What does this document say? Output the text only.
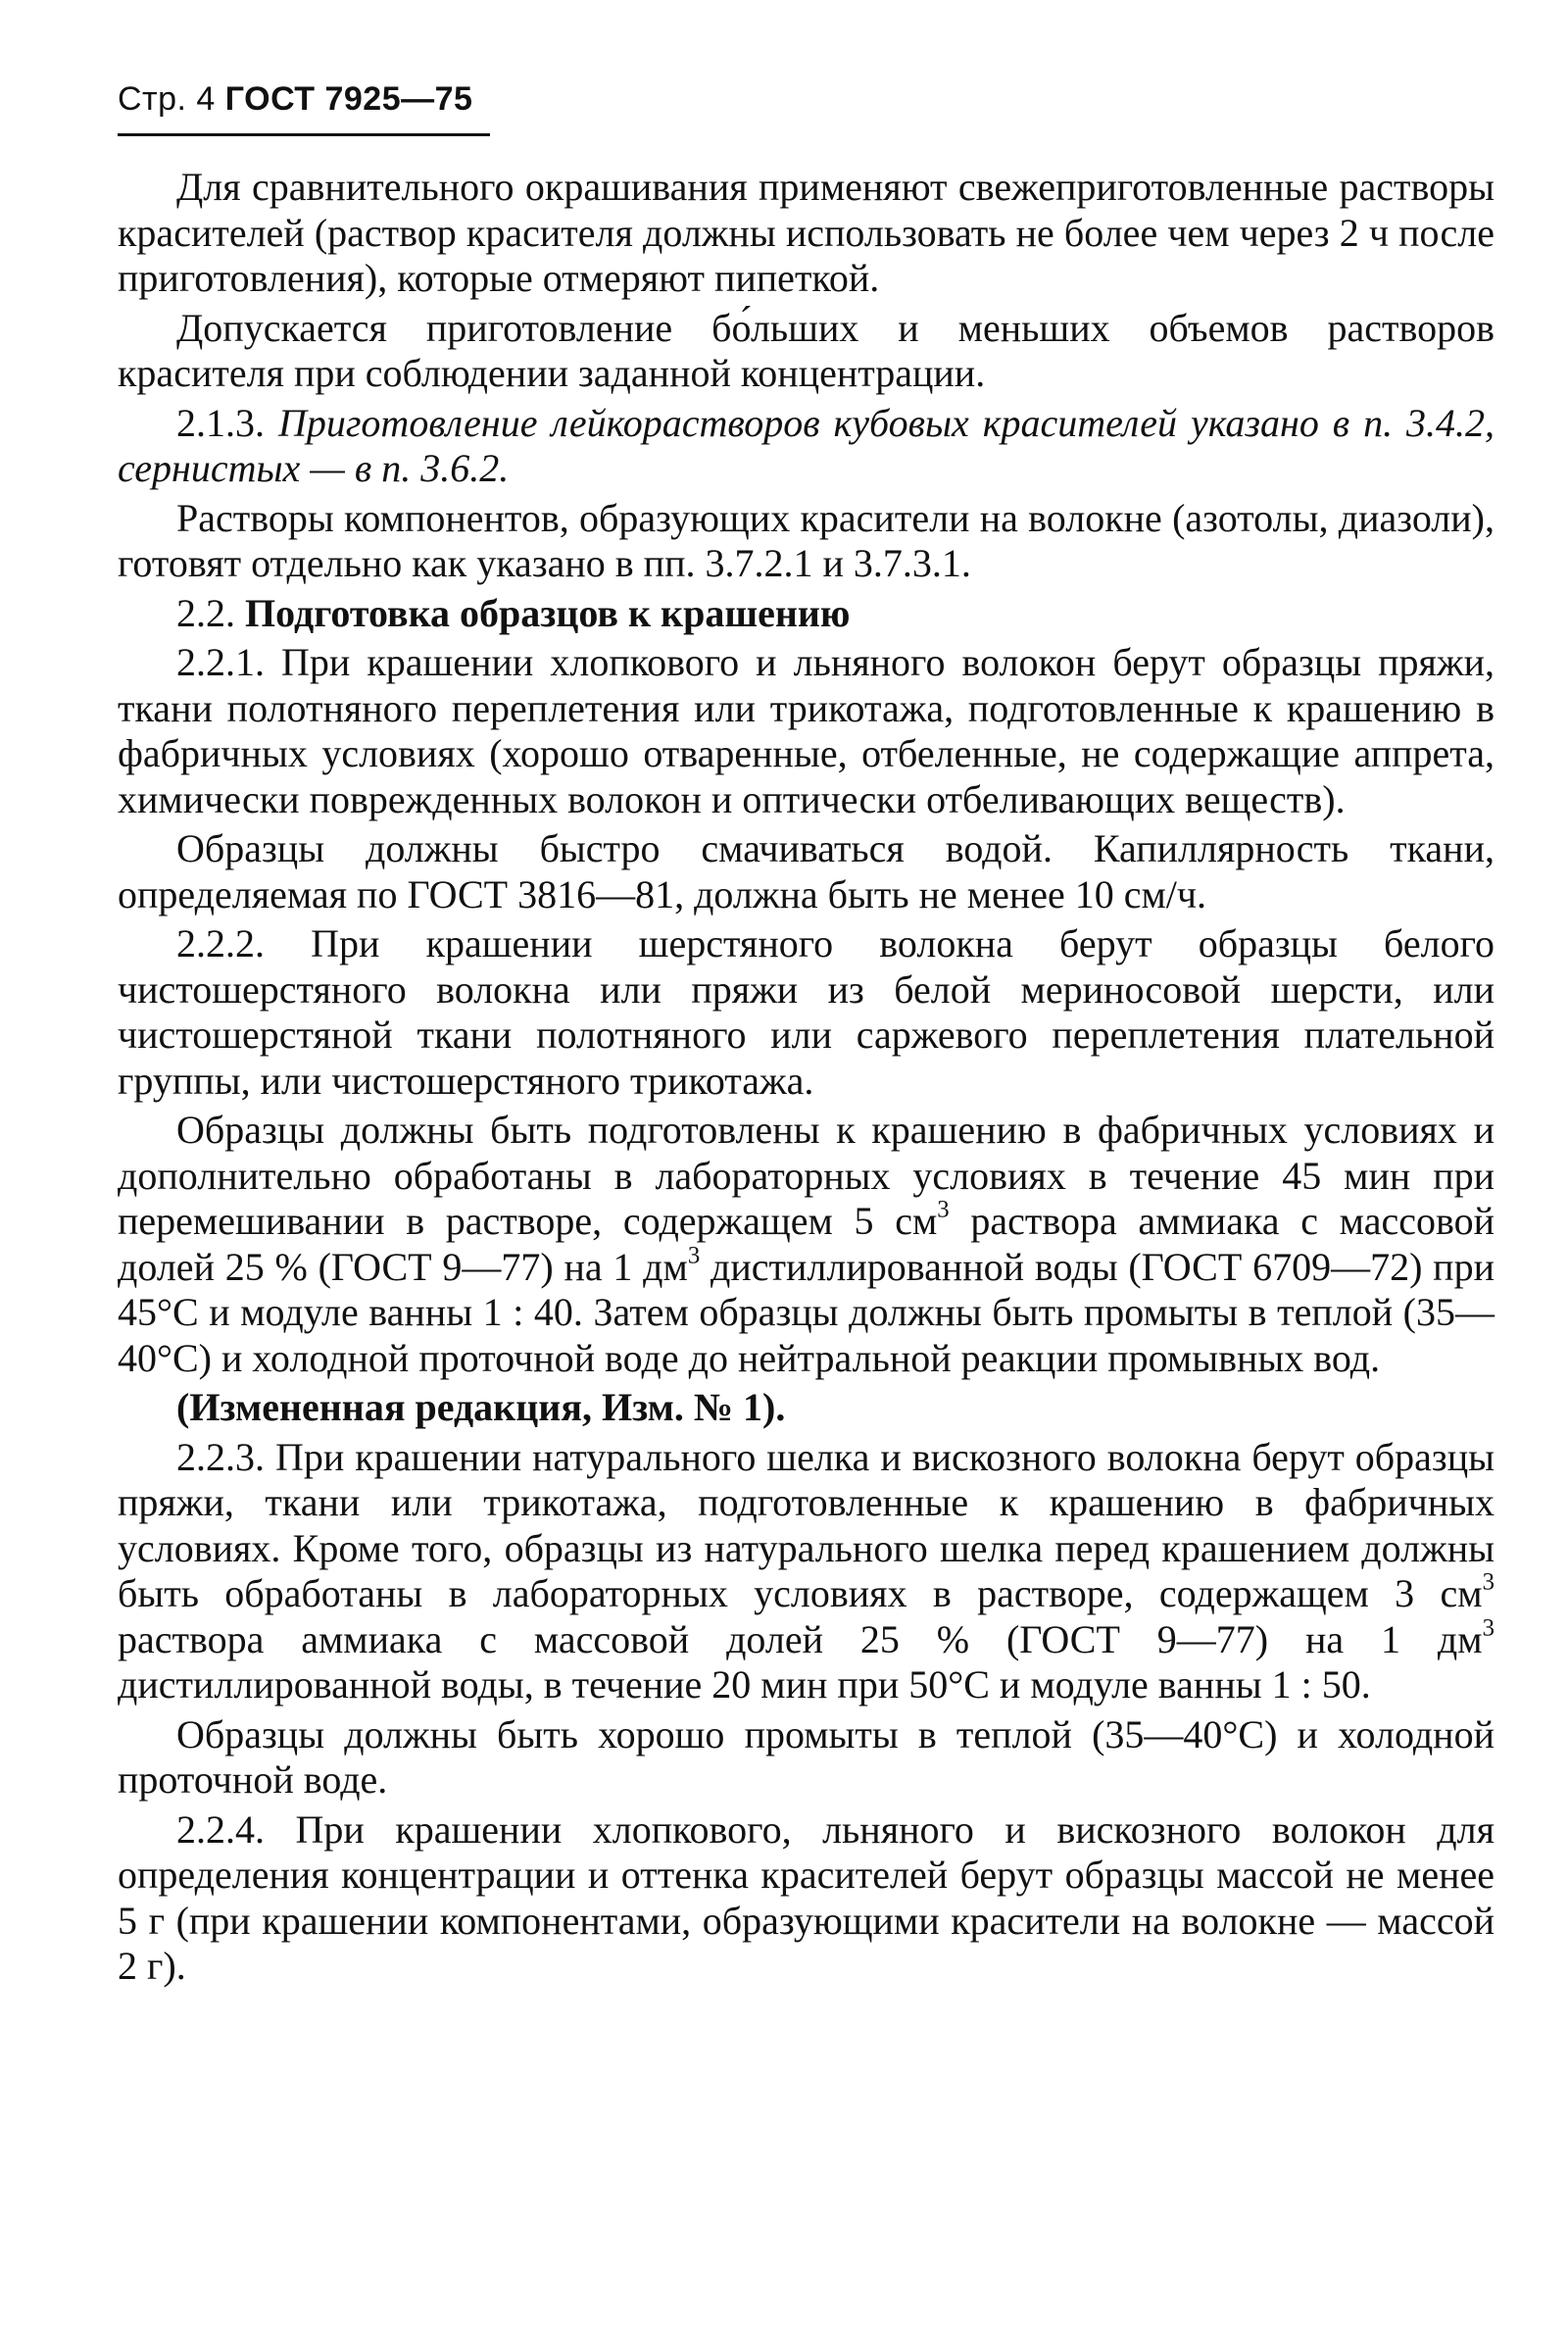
Стр. 4 ГОСТ 7925—75

Для сравнительного окрашивания применяют свежеприготовленные растворы красителей (раствор красителя должны использовать не более чем через 2 ч после приготовления), которые отмеряют пипеткой.

Допускается приготовление бо́льших и меньших объемов растворов красителя при соблюдении заданной концентрации.

2.1.3. Приготовление лейкорастворов кубовых красителей указано в п. 3.4.2, сернистых — в п. 3.6.2.

Растворы компонентов, образующих красители на волокне (азотолы, диазоли), готовят отдельно как указано в пп. 3.7.2.1 и 3.7.3.1.

2.2. Подготовка образцов к крашению

2.2.1. При крашении хлопкового и льняного волокон берут образцы пряжи, ткани полотняного переплетения или трикотажа, подготовленные к крашению в фабричных условиях (хорошо отваренные, отбеленные, не содержащие аппрета, химически поврежденных волокон и оптически отбеливающих веществ).

Образцы должны быстро смачиваться водой. Капиллярность ткани, определяемая по ГОСТ 3816—81, должна быть не менее 10 см/ч.

2.2.2. При крашении шерстяного волокна берут образцы белого чистошерстяного волокна или пряжи из белой мериносовой шерсти, или чистошерстяной ткани полотняного или саржевого переплетения плательной группы, или чистошерстяного трикотажа.

Образцы должны быть подготовлены к крашению в фабричных условиях и дополнительно обработаны в лабораторных условиях в течение 45 мин при перемешивании в растворе, содержащем 5 $см^3$ раствора аммиака с массовой долей 25 % (ГОСТ 9—77) на 1 $дм^3$ дистиллированной воды (ГОСТ 6709—72) при 45°С и модуле ванны 1 : 40. Затем образцы должны быть промыты в теплой (35—40°С) и холодной проточной воде до нейтральной реакции промывных вод.

(Измененная редакция, Изм. № 1).

2.2.3. При крашении натурального шелка и вискозного волокна берут образцы пряжи, ткани или трикотажа, подготовленные к крашению в фабричных условиях. Кроме того, образцы из натурального шелка перед крашением должны быть обработаны в лабораторных условиях в растворе, содержащем 3 $см^3$ раствора аммиака с массовой долей 25 % (ГОСТ 9—77) на 1 $дм^3$ дистиллированной воды, в течение 20 мин при 50°С и модуле ванны 1 : 50.

Образцы должны быть хорошо промыты в теплой (35—40°С) и холодной проточной воде.

2.2.4. При крашении хлопкового, льняного и вискозного волокон для определения концентрации и оттенка красителей берут образцы массой не менее 5 г (при крашении компонентами, образующими красители на волокне — массой 2 г).
